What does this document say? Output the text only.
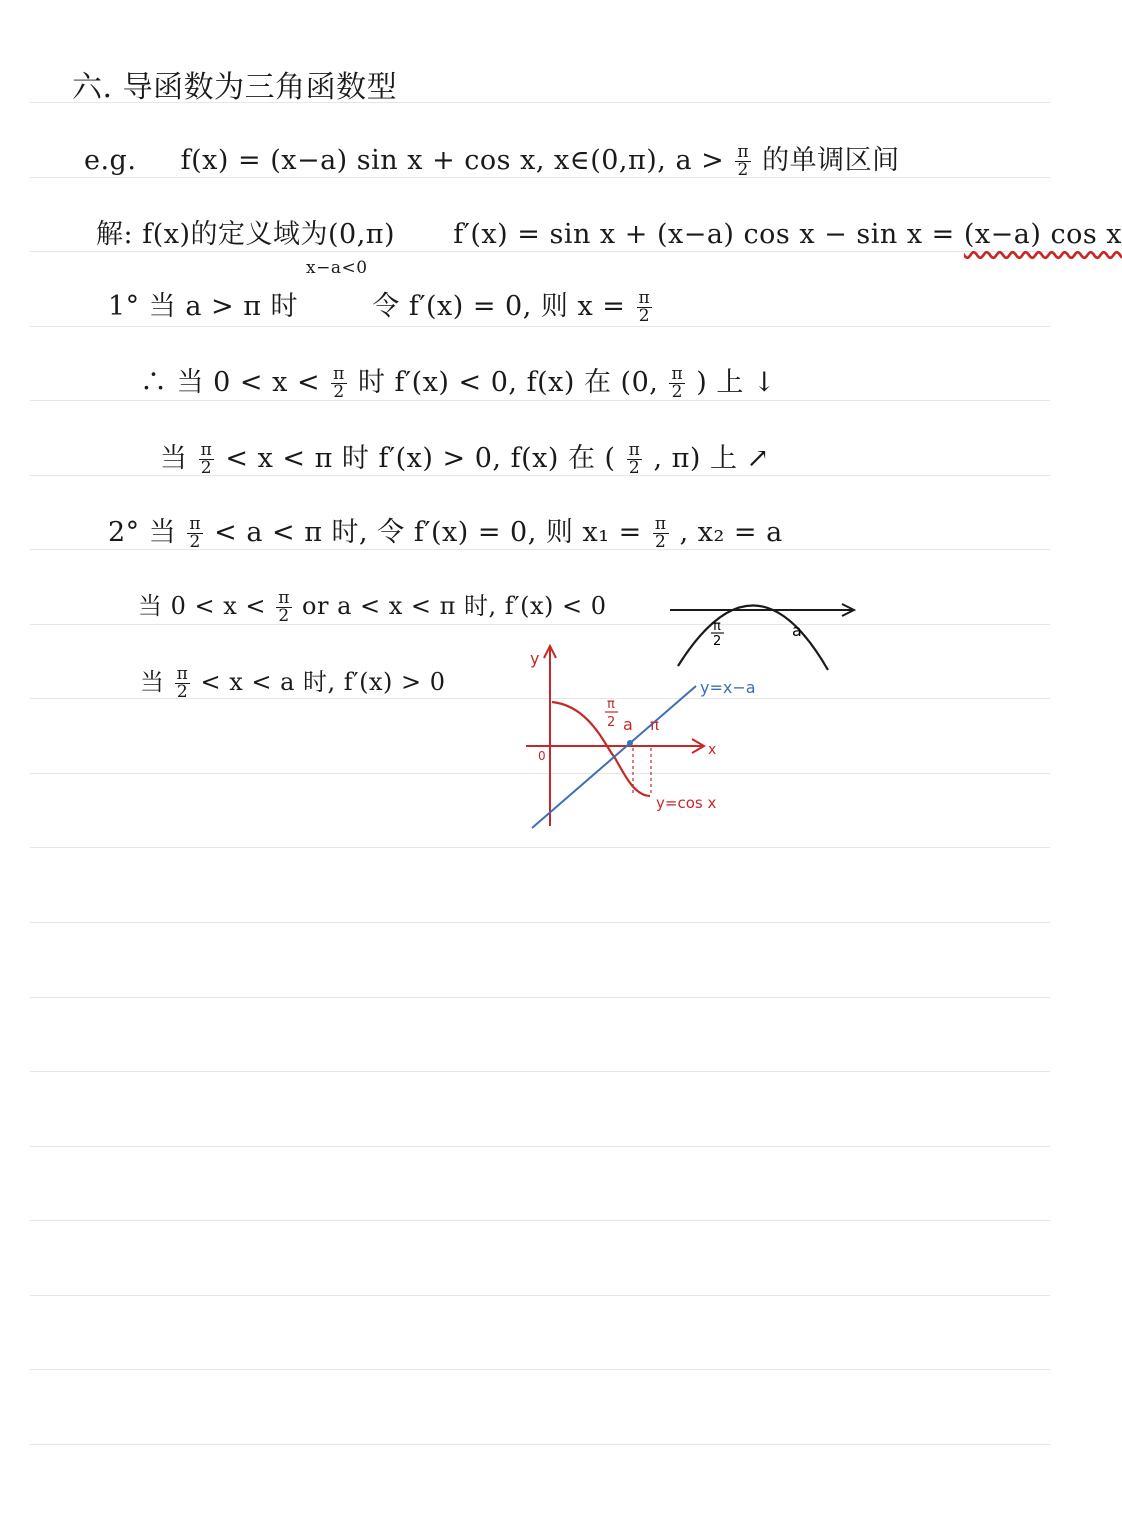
六. 导函数为三角函数型
e.g. f(x) = (x−a) sin x + cos x, x∈(0,π), $a > \frac{\pi}{2}$ 的单调区间
解: f(x)的定义域为(0,π) f′(x) = sin x + (x−a) cos x − sin x = (x−a) cos x
x−a<0
1° 当 a > π 时	令 f′(x) = 0, 则 $x = \frac{\pi}{2}$
∴ 当 $0 < x < \frac{\pi}{2}$ 时 f′(x) < 0, f(x) 在 (0, $\frac{\pi}{2}$ ) 上 ↓
当 $\frac{\pi}{2} < x < \pi$ 时 f′(x) > 0, f(x) 在 ( $\frac{\pi}{2}$ , π) 上 ↗
2° 当 $\frac{\pi}{2} < a < \pi$ 时, 令 f′(x) = 0, 则 $x_1 = \frac{\pi}{2}$ , x₂ = a
当 $0 < x < \frac{\pi}{2}$ or a < x < π 时, f′(x) < 0
当 $\frac{\pi}{2} < x < a$ 时, f′(x) > 0
π
2
a
y
x
0
π
2 a π
y=x−a
y=cos x
